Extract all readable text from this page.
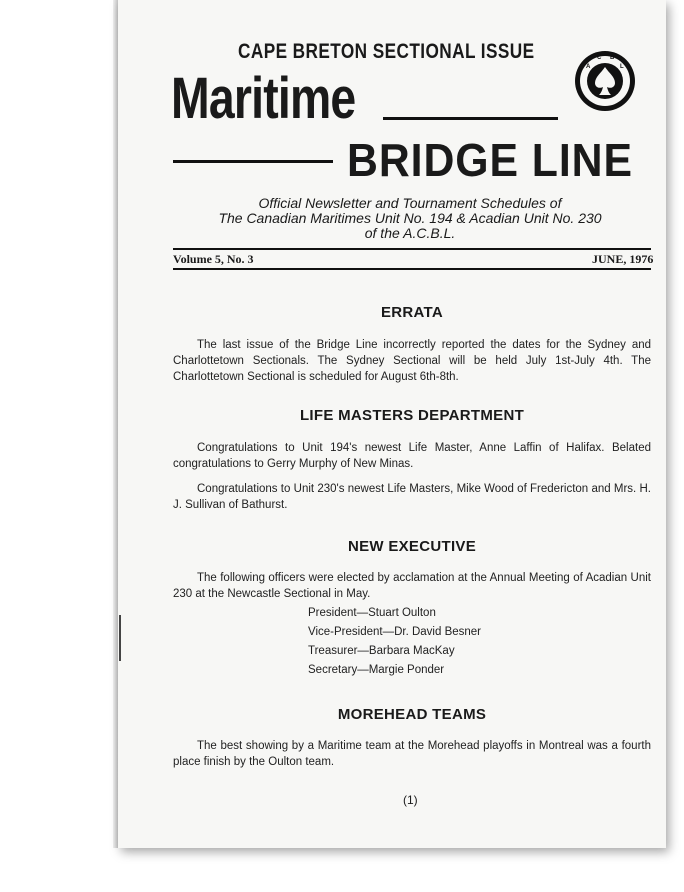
CAPE BRETON SECTIONAL ISSUE
Maritime
BRIDGE LINE
A
C B
L
Official Newsletter and Tournament Schedules of
The Canadian Maritimes Unit No. 194 & Acadian Unit No. 230
of the A.C.B.L.
Volume 5, No. 3	JUNE, 1976
ERRATA
The last issue of the Bridge Line incorrectly reported the dates for the Sydney and Charlottetown Sectionals. The Sydney Sectional will be held July 1st-July 4th. The Charlottetown Sectional is scheduled for August 6th-8th.
LIFE MASTERS DEPARTMENT
Congratulations to Unit 194's newest Life Master, Anne Laffin of Halifax. Belated congratulations to Gerry Murphy of New Minas.
Congratulations to Unit 230's newest Life Masters, Mike Wood of Fredericton and Mrs. H. J. Sullivan of Bathurst.
NEW EXECUTIVE
The following officers were elected by acclamation at the Annual Meeting of Acadian Unit 230 at the Newcastle Sectional in May.
President—Stuart Oulton
Vice-President—Dr. David Besner
Treasurer—Barbara MacKay
Secretary—Margie Ponder
MOREHEAD TEAMS
The best showing by a Maritime team at the Morehead playoffs in Montreal was a fourth place finish by the Oulton team.
(1)
